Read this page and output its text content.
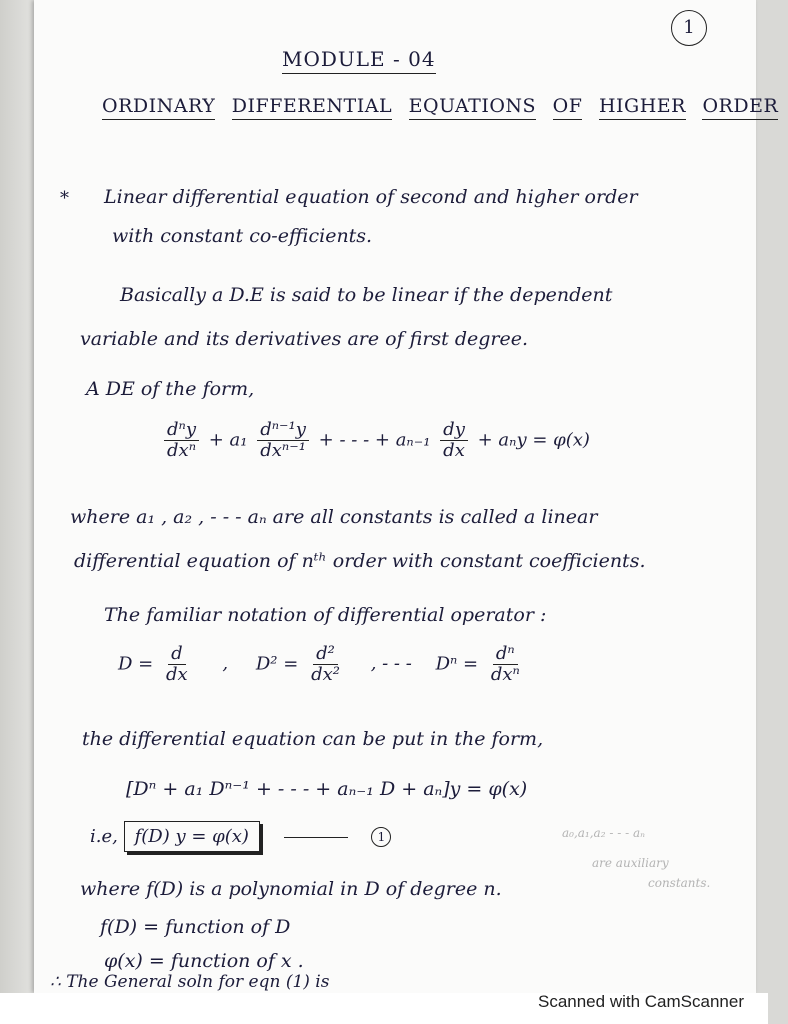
1
MODULE - 04
ORDINARY DIFFERENTIAL EQUATIONS OF HIGHER ORDER
* Linear differential equation of second and higher order
with constant co-efficients.
Basically a D.E is said to be linear if the dependent
variable and its derivatives are of first degree.
A DE of the form,
$\frac{\text{dⁿy}}{\text{dxⁿ}} + a_1 \frac{\text{dⁿ⁻¹y}}{\text{dxⁿ⁻¹}}$ + - - - + $a_{n-1} \frac{dy}{dx} + a_ny = \varphi(x)$
where a₁ , a₂ , - - - aₙ are all constants is called a linear
differential equation of nᵗʰ order with constant coefficients.
The familiar notation of differential operator :
$D = \frac{d}{dx}$ , $D^2 = \frac{\text{d²}}{\text{dx²}}$ , - - - $D^n = \frac{\text{dⁿ}}{\text{dxⁿ}}$
the differential equation can be put in the form,
[Dⁿ + a₁ Dⁿ⁻¹ + - - - + aₙ₋₁ D + aₙ]y = φ(x)
i.e, f(D) y = φ(x)	1	a₀,a₁,a₂ - - - aₙ
are auxiliary
constants.
where f(D) is a polynomial in D of degree n.
f(D) = function of D
φ(x) = function of x .
∴ The General soln for eqn (1) is
Scanned with CamScanner
